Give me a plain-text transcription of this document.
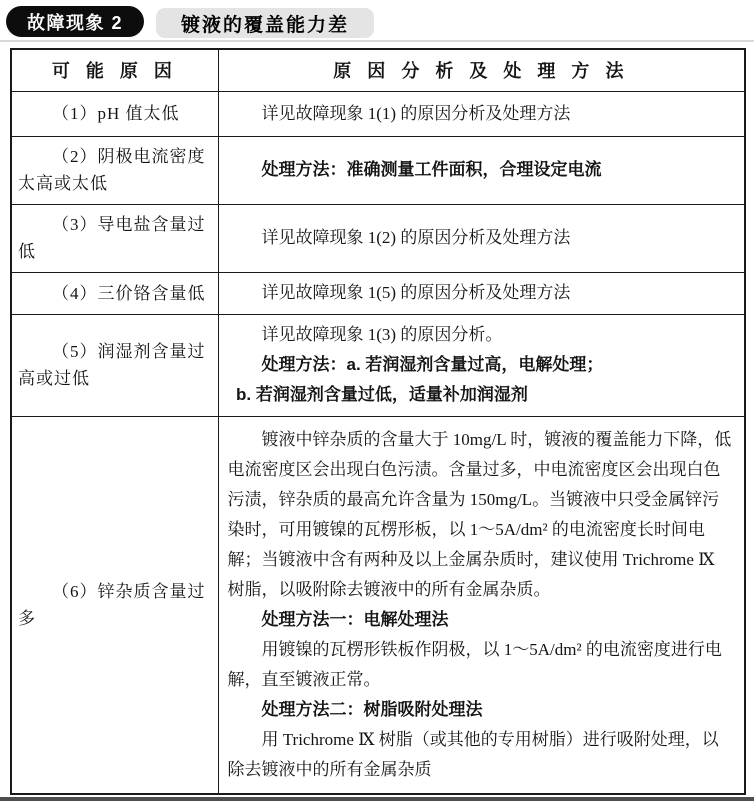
故障现象 2	镀液的覆盖能力差
可 能 原 因	原 因 分 析 及 处 理 方 法
（1）pH 值太低	详见故障现象 1(1) 的原因分析及处理方法

（2）阴极电流密度太高或太低	处理方法：准确测量工件面积，合理设定电流

（3）导电盐含量过低	详见故障现象 1(2) 的原因分析及处理方法

（4）三价铬含量低	详见故障现象 1(5) 的原因分析及处理方法

（5）润湿剂含量过高或过低	详见故障现象 1(3) 的原因分析。

处理方法：a. 若润湿剂含量过高，电解处理；

b. 若润湿剂含量过低，适量补加润湿剂

（6）锌杂质含量过多	镀液中锌杂质的含量大于 10mg/L 时，镀液的覆盖能力下降，低电流密度区会出现白色污渍。含量过多，中电流密度区会出现白色污渍，锌杂质的最高允许含量为 150mg/L。当镀液中只受金属锌污染时，可用镀镍的瓦楞形板，以 1～5A/dm² 的电流密度长时间电解；当镀液中含有两种及以上金属杂质时，建议使用 Trichrome Ⅸ 树脂，以吸附除去镀液中的所有金属杂质。

处理方法一：电解处理法

用镀镍的瓦楞形铁板作阴极，以 1～5A/dm² 的电流密度进行电解，直至镀液正常。

处理方法二：树脂吸附处理法

用 Trichrome Ⅸ 树脂（或其他的专用树脂）进行吸附处理，以除去镀液中的所有金属杂质
